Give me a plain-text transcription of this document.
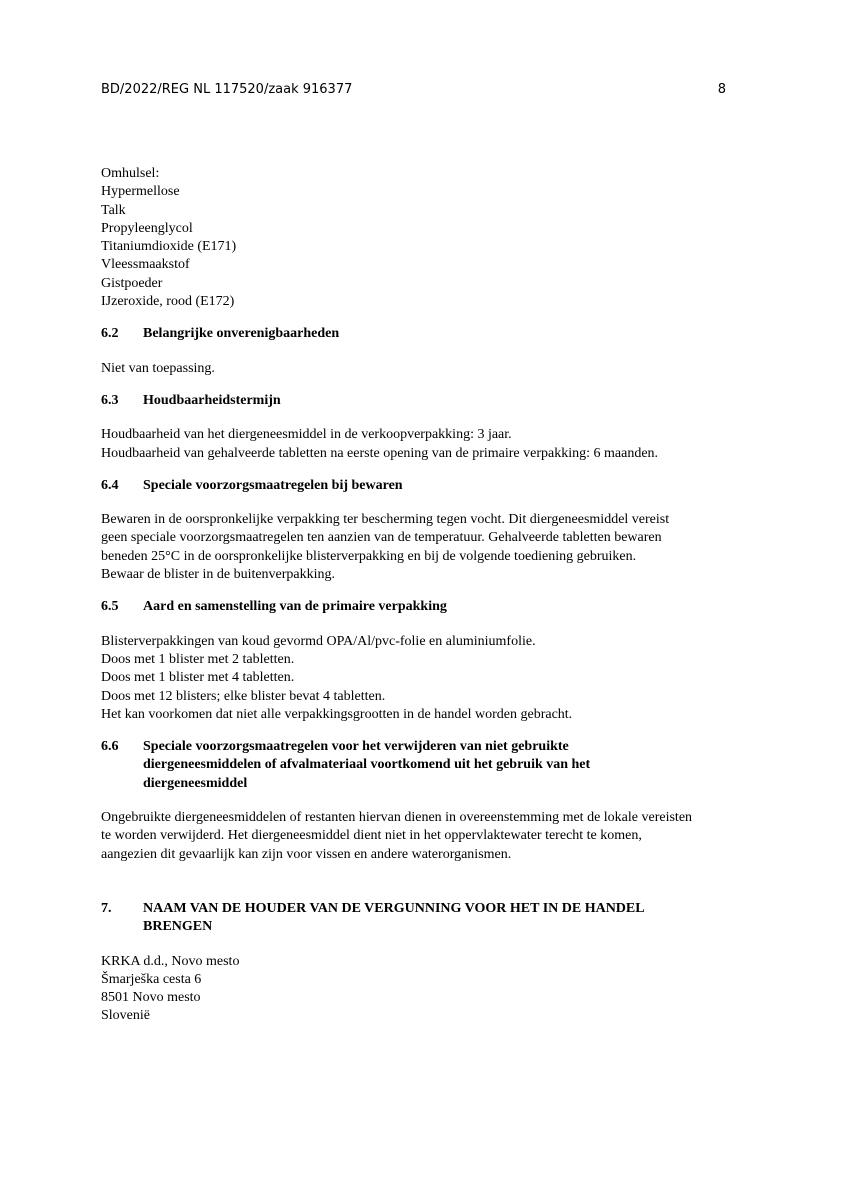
BD/2022/REG NL 117520/zaak 916377	8
Omhulsel:
Hypermellose
Talk
Propyleenglycol
Titaniumdioxide (E171)
Vleessmaakstof
Gistpoeder
IJzeroxide, rood (E172)
6.2	Belangrijke onverenigbaarheden
Niet van toepassing.
6.3	Houdbaarheidstermijn
Houdbaarheid van het diergeneesmiddel in de verkoopverpakking: 3 jaar.
Houdbaarheid van gehalveerde tabletten na eerste opening van de primaire verpakking: 6 maanden.
6.4	Speciale voorzorgsmaatregelen bij bewaren
Bewaren in de oorspronkelijke verpakking ter bescherming tegen vocht. Dit diergeneesmiddel vereist
geen speciale voorzorgsmaatregelen ten aanzien van de temperatuur. Gehalveerde tabletten bewaren
beneden 25°C in de oorspronkelijke blisterverpakking en bij de volgende toediening gebruiken.
Bewaar de blister in de buitenverpakking.
6.5	Aard en samenstelling van de primaire verpakking
Blisterverpakkingen van koud gevormd OPA/Al/pvc-folie en aluminiumfolie.
Doos met 1 blister met 2 tabletten.
Doos met 1 blister met 4 tabletten.
Doos met 12 blisters; elke blister bevat 4 tabletten.
Het kan voorkomen dat niet alle verpakkingsgrootten in de handel worden gebracht.
6.6	Speciale voorzorgsmaatregelen voor het verwijderen van niet gebruikte
diergeneesmiddelen of afvalmateriaal voortkomend uit het gebruik van het
diergeneesmiddel
Ongebruikte diergeneesmiddelen of restanten hiervan dienen in overeenstemming met de lokale vereisten
te worden verwijderd. Het diergeneesmiddel dient niet in het oppervlaktewater terecht te komen,
aangezien dit gevaarlijk kan zijn voor vissen en andere waterorganismen.
7.	NAAM VAN DE HOUDER VAN DE VERGUNNING VOOR HET IN DE HANDEL
BRENGEN
KRKA d.d., Novo mesto
Šmarješka cesta 6
8501 Novo mesto
Slovenië
